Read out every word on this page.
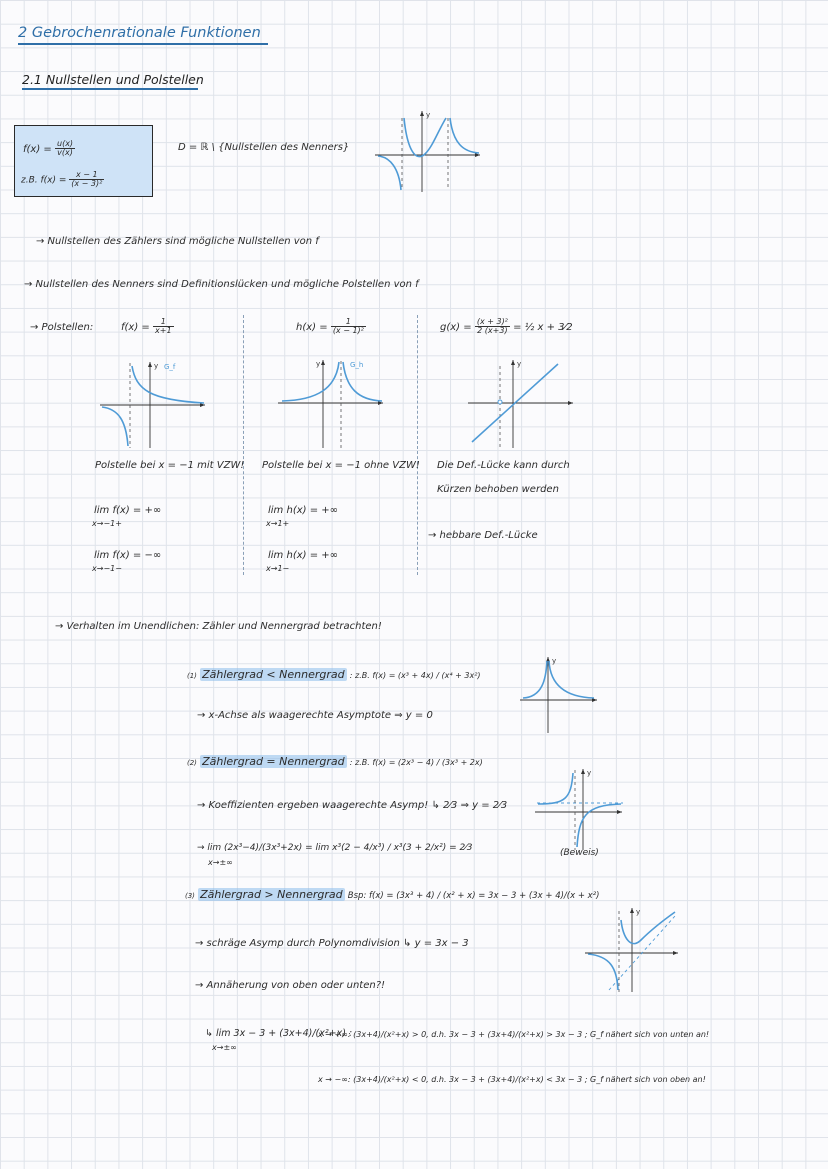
2 Gebrochenrationale Funktionen
2.1 Nullstellen und Polstellen
$f(x) = \frac{u(x)}{v(x)}$
z.B. $f(x) = \frac{x - 1}{\text{(x − 3)²}}$
D = ℝ \ {Nullstellen des Nenners}
y
→ Nullstellen des Zählers sind mögliche Nullstellen von f
→ Nullstellen des Nenners sind Definitionslücken und mögliche Polstellen von f
→ Polstellen:	$f(x) = \frac{1}{x+1}$
y G_f
$h(x) = \frac{1}{\text{(x − 1)²}}$
y	G_h
$g(x) = \frac{\text{(x + 3)²}}{2 (x+3)}$ = ½ x + 3⁄2
y
Polstelle bei x = −1 mit VZW! Polstelle bei x = −1 ohne VZW! Die Def.-Lücke kann durch
Kürzen behoben werden
→ hebbare Def.-Lücke
lim f(x) = +∞
x→−1+
lim f(x) = −∞
x→−1−
lim h(x) = +∞
x→1+
lim h(x) = +∞
x→1−
→ Verhalten im Unendlichen: Zähler und Nennergrad betrachten!
(1) Zählergrad < Nennergrad : z.B. f(x) = (x³ + 4x) / (x⁴ + 3x²)
→ x-Achse als waagerechte Asymptote ⇒ y = 0
y
(2) Zählergrad = Nennergrad : z.B. f(x) = (2x³ − 4) / (3x³ + 2x)
→ Koeffizienten ergeben waagerechte Asymp! ↳ 2⁄3 ⇒ y = 2⁄3
→ lim (2x³−4)/(3x³+2x) = lim x³(2 − 4/x³) / x³(3 + 2/x²) = 2⁄3
x→±∞
(Beweis)
y
(3) Zählergrad > Nennergrad Bsp: f(x) = (3x³ + 4) / (x² + x) = 3x − 3 + (3x + 4)/(x + x²)
→ schräge Asymp durch Polynomdivision ↳ y = 3x − 3
→ Annäherung von oben oder unten?!
y
↳ lim 3x − 3 + (3x+4)/(x²+x) :
x→±∞
x → +∞: (3x+4)/(x²+x) > 0, d.h. 3x − 3 + (3x+4)/(x²+x) > 3x − 3 ; G_f nähert sich von unten an!
x → −∞: (3x+4)/(x²+x) < 0, d.h. 3x − 3 + (3x+4)/(x²+x) < 3x − 3 ; G_f nähert sich von oben an!
